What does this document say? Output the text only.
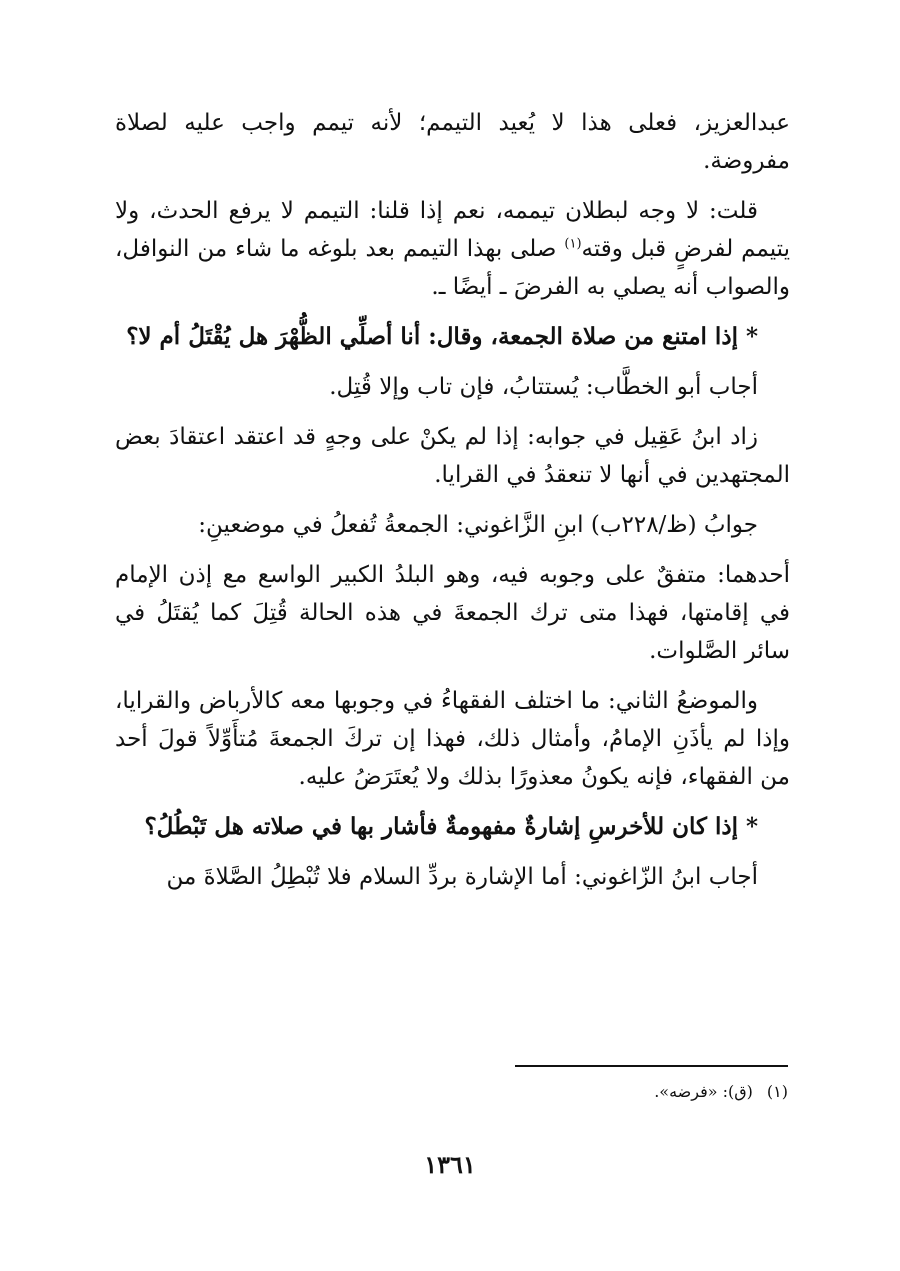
عبدالعزيز، فعلى هذا لا يُعيد التيمم؛ لأنه تيمم واجب عليه لصلاة مفروضة.

قلت: لا وجه لبطلان تيممه، نعم إذا قلنا: التيمم لا يرفع الحدث، ولا يتيمم لفرضٍ قبل وقته$^{(١)}$ صلى بهذا التيمم بعد بلوغه ما شاء من النوافل، والصواب أنه يصلي به الفرضَ ـ أيضًا ـ.

* إذا امتنع من صلاة الجمعة، وقال: أنا أصلِّي الظُّهْرَ هل يُقْتَلُ أم لا؟

أجاب أبو الخطَّاب: يُستتابُ، فإن تاب وإلا قُتِل.

زاد ابنُ عَقِيل في جوابه: إذا لم يكنْ على وجهٍ قد اعتقد اعتقادَ بعض المجتهدين في أنها لا تنعقدُ في القرايا.

جوابُ (ظ/٢٢٨ب) ابنِ الزَّاغوني: الجمعةُ تُفعلُ في موضعينِ:

أحدهما: متفقٌ على وجوبه فيه، وهو البلدُ الكبير الواسع مع إذن الإمام في إقامتها، فهذا متى ترك الجمعةَ في هذه الحالة قُتِلَ كما يُقتَلُ في سائر الصَّلوات.

والموضعُ الثاني: ما اختلف الفقهاءُ في وجوبها معه كالأرباض والقرايا، وإذا لم يأذَنِ الإمامُ، وأمثال ذلك، فهذا إن تركَ الجمعةَ مُتأَوِّلاً قولَ أحد من الفقهاء، فإنه يكونُ معذورًا بذلك ولا يُعتَرَضُ عليه.

* إذا كان للأخرسِ إشارةٌ مفهومةٌ فأشار بها في صلاته هل تَبْطُلُ؟

أجاب ابنُ الزّاغوني: أما الإشارة بردِّ السلام فلا تُبْطِلُ الصَّلاةَ من

(١)(ق): «فرضه».
١٣٦١
